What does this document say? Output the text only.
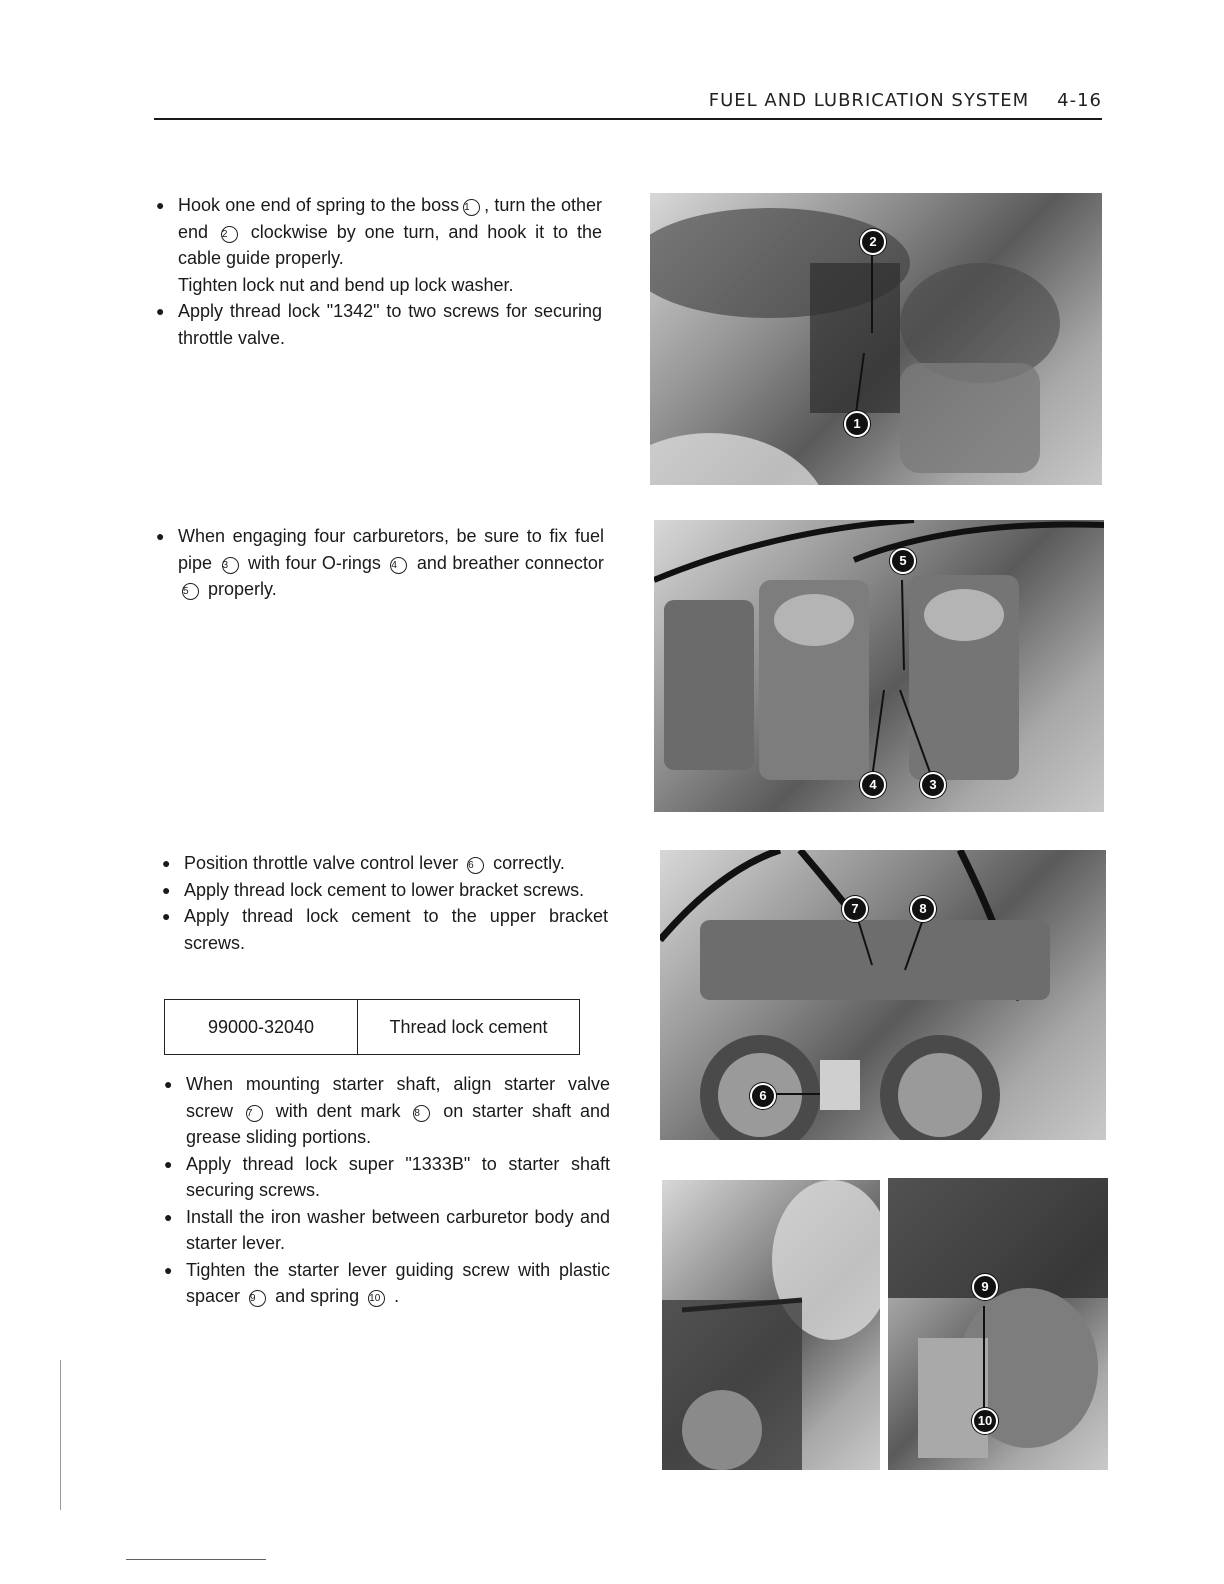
FUEL AND LUBRICATION SYSTEM 4-16
● Hook one end of spring to the boss 1 , turn the other end 2 clockwise by one turn, and hook it to the cable guide properly.
Tighten lock nut and bend up lock washer.
● Apply thread lock "1342" to two screws for securing throttle valve.
● When engaging four carburetors, be sure to fix fuel pipe 3 with four O-rings 4 and breather connector 5 properly.
● Position throttle valve control lever 6 correctly.
● Apply thread lock cement to lower bracket screws.
● Apply thread lock cement to the upper bracket screws.
99000-32040	Thread lock cement
● When mounting starter shaft, align starter valve screw 7 with dent mark 8 on starter shaft and grease sliding portions.
● Apply thread lock super "1333B" to starter shaft securing screws.
● Install the iron washer between carburetor body and starter lever.
● Tighten the starter lever guiding screw with plastic spacer 9 and spring 10 .
2
1
5
4	3
7	8
6
9
10
